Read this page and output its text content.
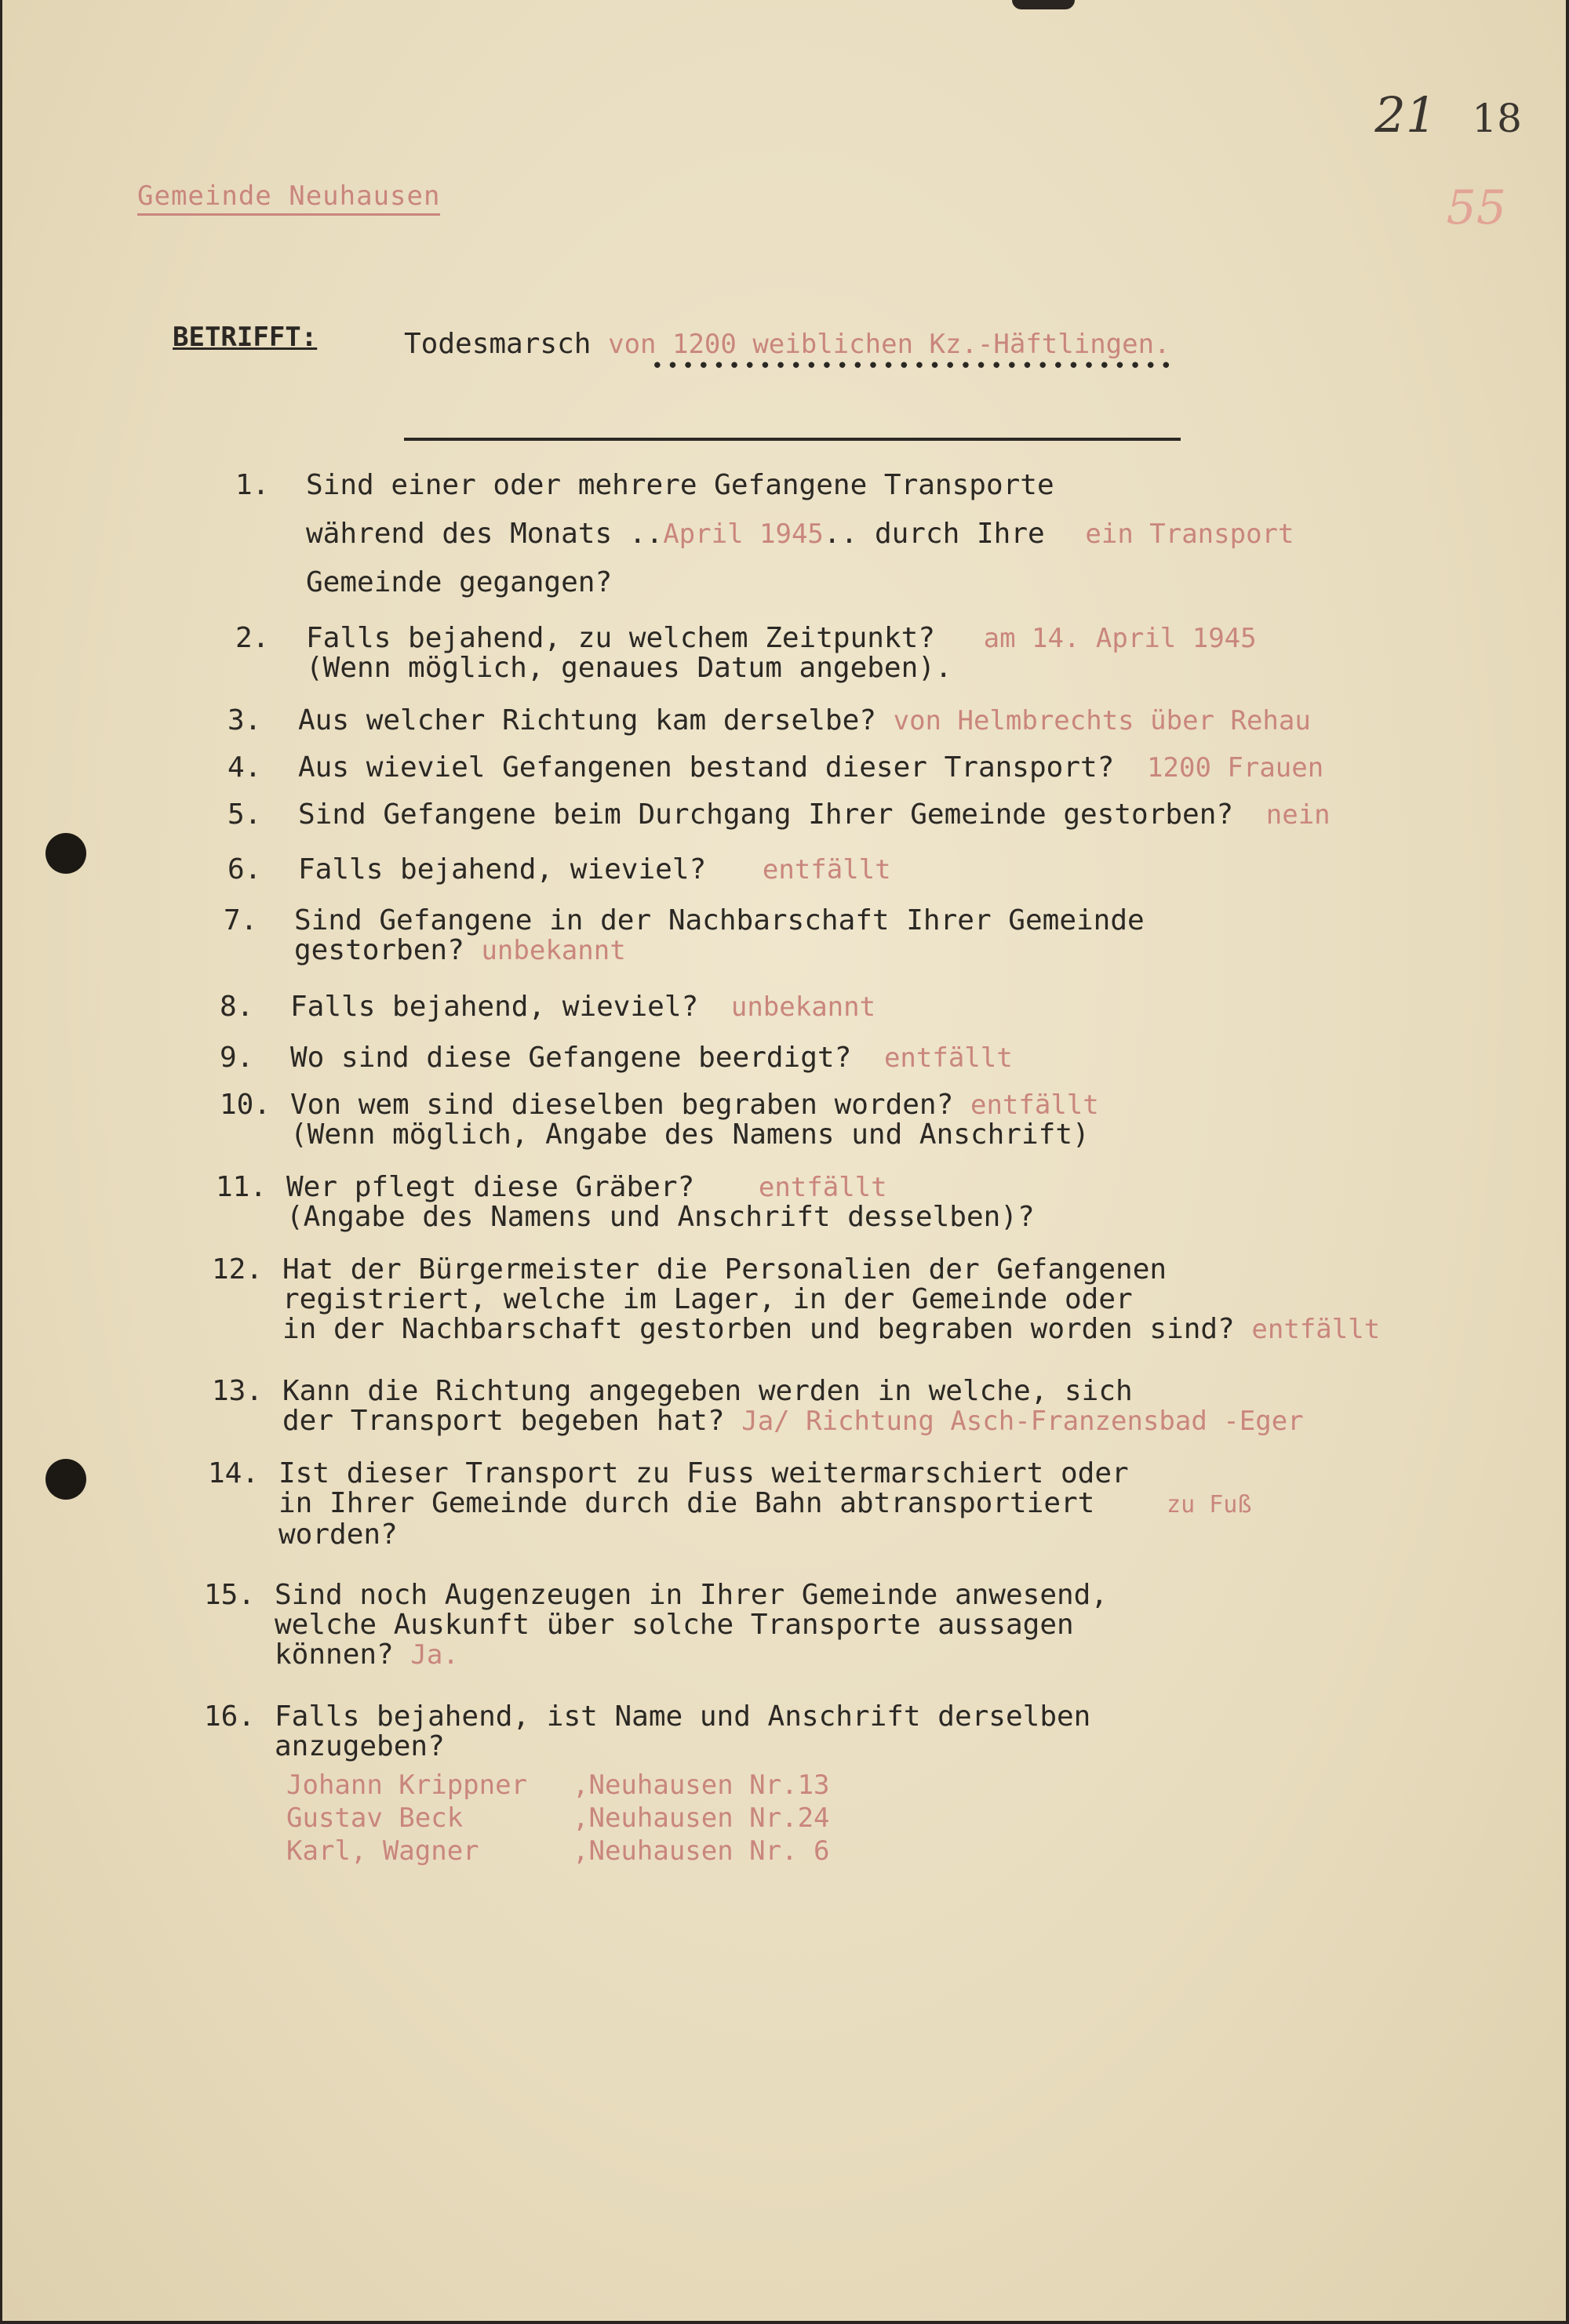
Gemeinde Neuhausen
21 18
55
BETRIFFT:	Todesmarsch von 1200 weiblichen Kz.-Häftlingen.
••••••••••••••••••••••••••••••••••
1. Sind einer oder mehrere Gefangene Transporte
während des Monats ..April 1945.. durch Ihre ein Transport
Gemeinde gegangen?
2. Falls bejahend, zu welchem Zeitpunkt? am 14. April 1945
(Wenn möglich, genaues Datum angeben).
3. Aus welcher Richtung kam derselbe? von Helmbrechts über Rehau
4. Aus wieviel Gefangenen bestand dieser Transport? 1200 Frauen
5. Sind Gefangene beim Durchgang Ihrer Gemeinde gestorben? nein
6. Falls bejahend, wieviel? entfällt
7. Sind Gefangene in der Nachbarschaft Ihrer Gemeinde
gestorben? unbekannt
8. Falls bejahend, wieviel? unbekannt
9. Wo sind diese Gefangene beerdigt? entfällt
10. Von wem sind dieselben begraben worden? entfällt
(Wenn möglich, Angabe des Namens und Anschrift)
11. Wer pflegt diese Gräber? entfällt
(Angabe des Namens und Anschrift desselben)?
12. Hat der Bürgermeister die Personalien der Gefangenen
registriert, welche im Lager, in der Gemeinde oder
in der Nachbarschaft gestorben und begraben worden sind? entfällt
13. Kann die Richtung angegeben werden in welche, sich
der Transport begeben hat? Ja/ Richtung Asch-Franzensbad -Eger
14. Ist dieser Transport zu Fuss weitermarschiert oder
in Ihrer Gemeinde durch die Bahn abtransportiert	zu Fuß
worden?
15. Sind noch Augenzeugen in Ihrer Gemeinde anwesend,
welche Auskunft über solche Transporte aussagen
können? Ja.
16. Falls bejahend, ist Name und Anschrift derselben
anzugeben?
Johann Krippner ,Neuhausen Nr.13
Gustav Beck	,Neuhausen Nr.24
Karl, Wagner	,Neuhausen Nr. 6
